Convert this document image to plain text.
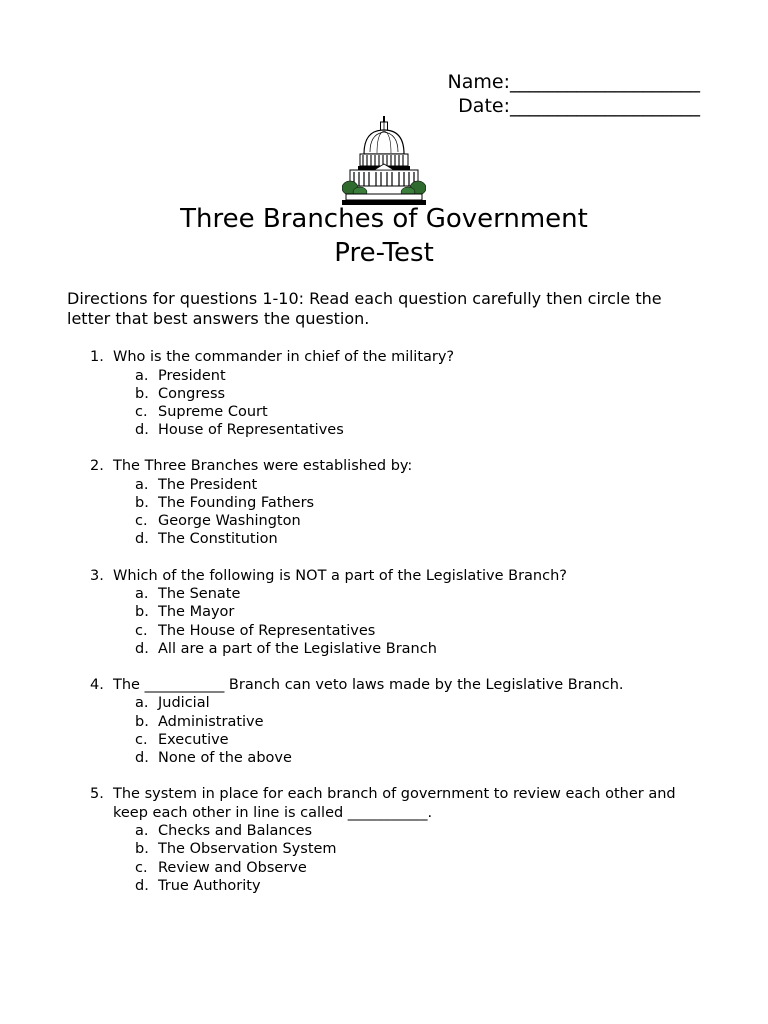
Name:____________________
Date:____________________
Three Branches of Government
Pre-Test
Directions for questions 1-10: Read each question carefully then circle the letter that best answers the question.
1. Who is the commander in chief of the military?
a. President
b. Congress
c. Supreme Court
d. House of Representatives
2. The Three Branches were established by:
a. The President
b. The Founding Fathers
c. George Washington
d. The Constitution
3. Which of the following is NOT a part of the Legislative Branch?
a. The Senate
b. The Mayor
c. The House of Representatives
d. All are a part of the Legislative Branch
4. The ___________ Branch can veto laws made by the Legislative Branch.
a. Judicial
b. Administrative
c. Executive
d. None of the above
5. The system in place for each branch of government to review each other and keep each other in line is called ___________.
a. Checks and Balances
b. The Observation System
c. Review and Observe
d. True Authority
